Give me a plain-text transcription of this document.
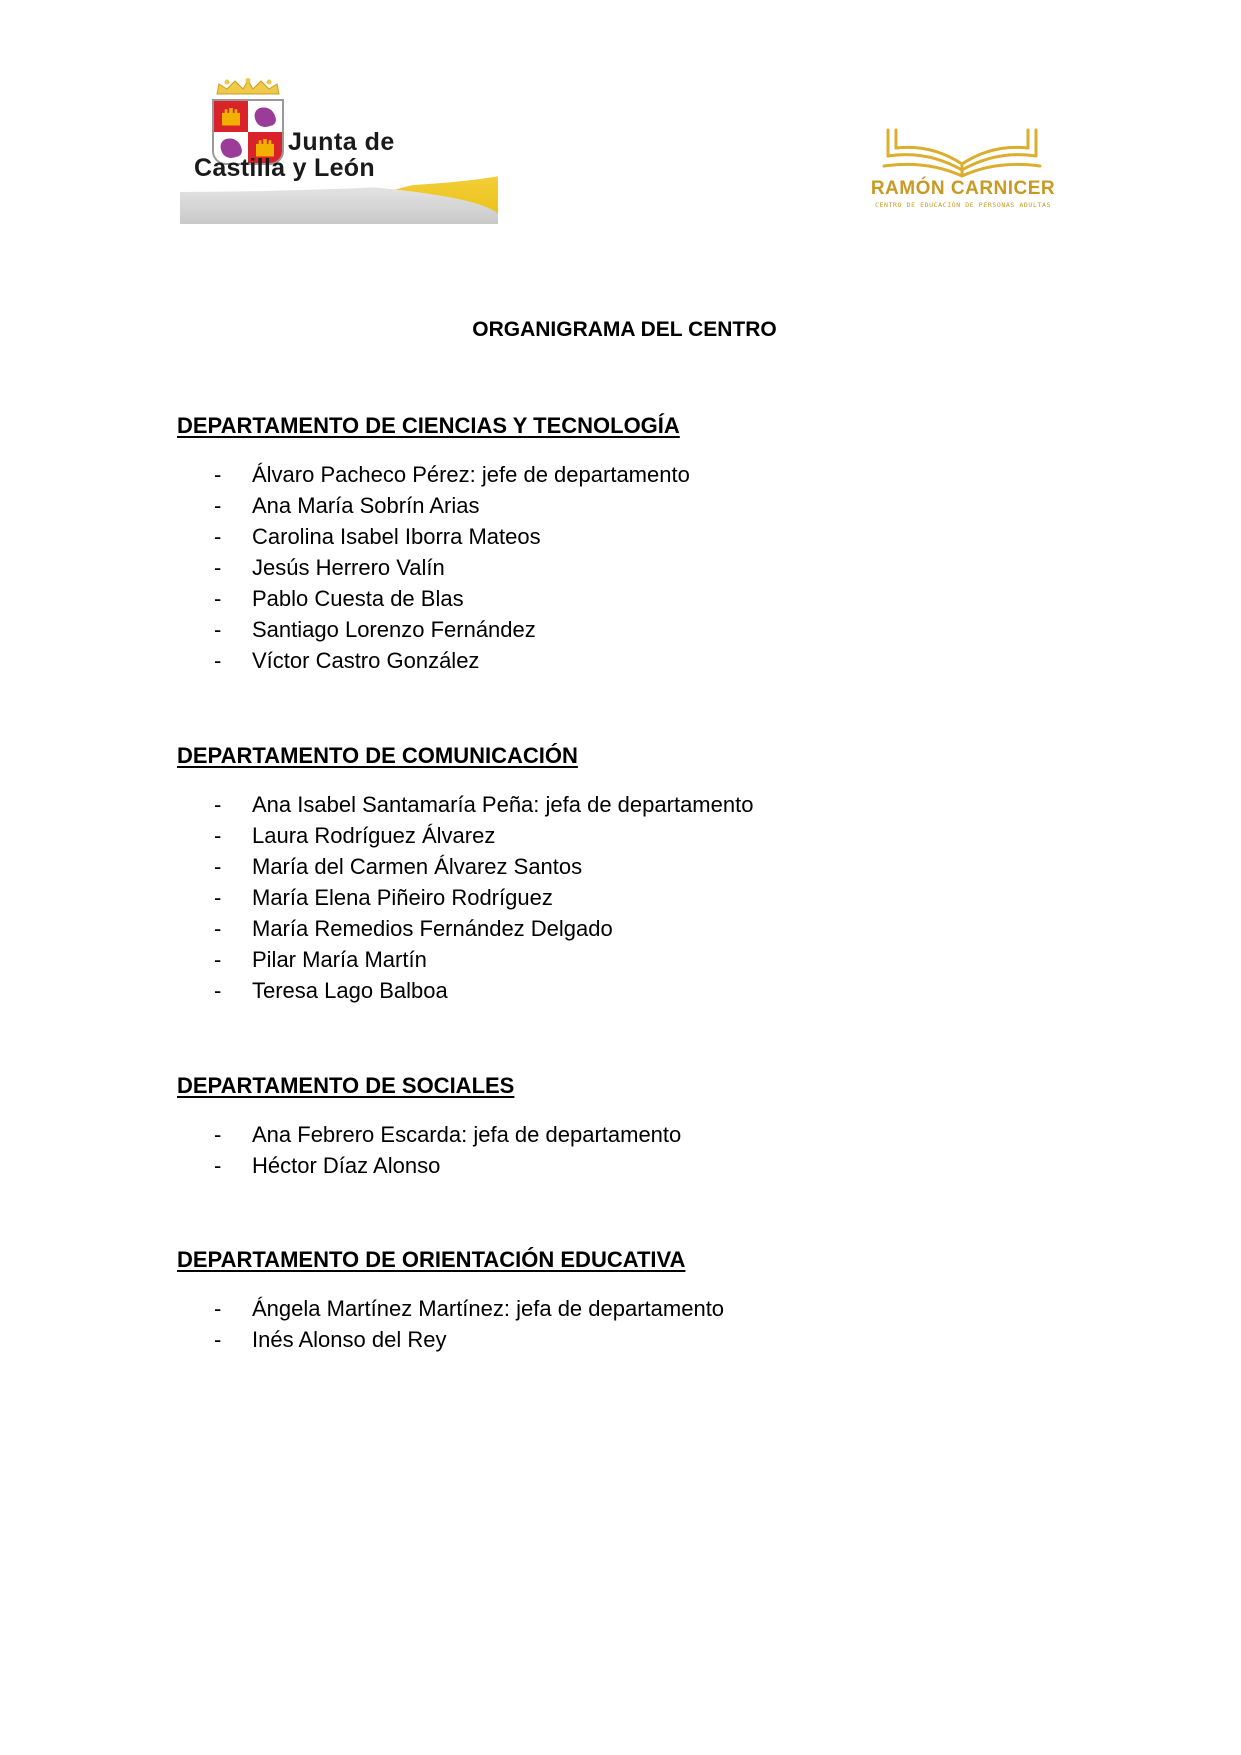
Junta de
Castilla y León
RAMÓN CARNICER
CENTRO DE EDUCACIÓN DE PERSONAS ADULTAS
ORGANIGRAMA DEL CENTRO
DEPARTAMENTO DE CIENCIAS Y TECNOLOGÍA
- Álvaro Pacheco Pérez: jefe de departamento
- Ana María Sobrín Arias
- Carolina Isabel Iborra Mateos
- Jesús Herrero Valín
- Pablo Cuesta de Blas
- Santiago Lorenzo Fernández
- Víctor Castro González
DEPARTAMENTO DE COMUNICACIÓN
- Ana Isabel Santamaría Peña: jefa de departamento
- Laura Rodríguez Álvarez
- María del Carmen Álvarez Santos
- María Elena Piñeiro Rodríguez
- María Remedios Fernández Delgado
- Pilar María Martín
- Teresa Lago Balboa
DEPARTAMENTO DE SOCIALES
- Ana Febrero Escarda: jefa de departamento
- Héctor Díaz Alonso
DEPARTAMENTO DE ORIENTACIÓN EDUCATIVA
- Ángela Martínez Martínez: jefa de departamento
- Inés Alonso del Rey
